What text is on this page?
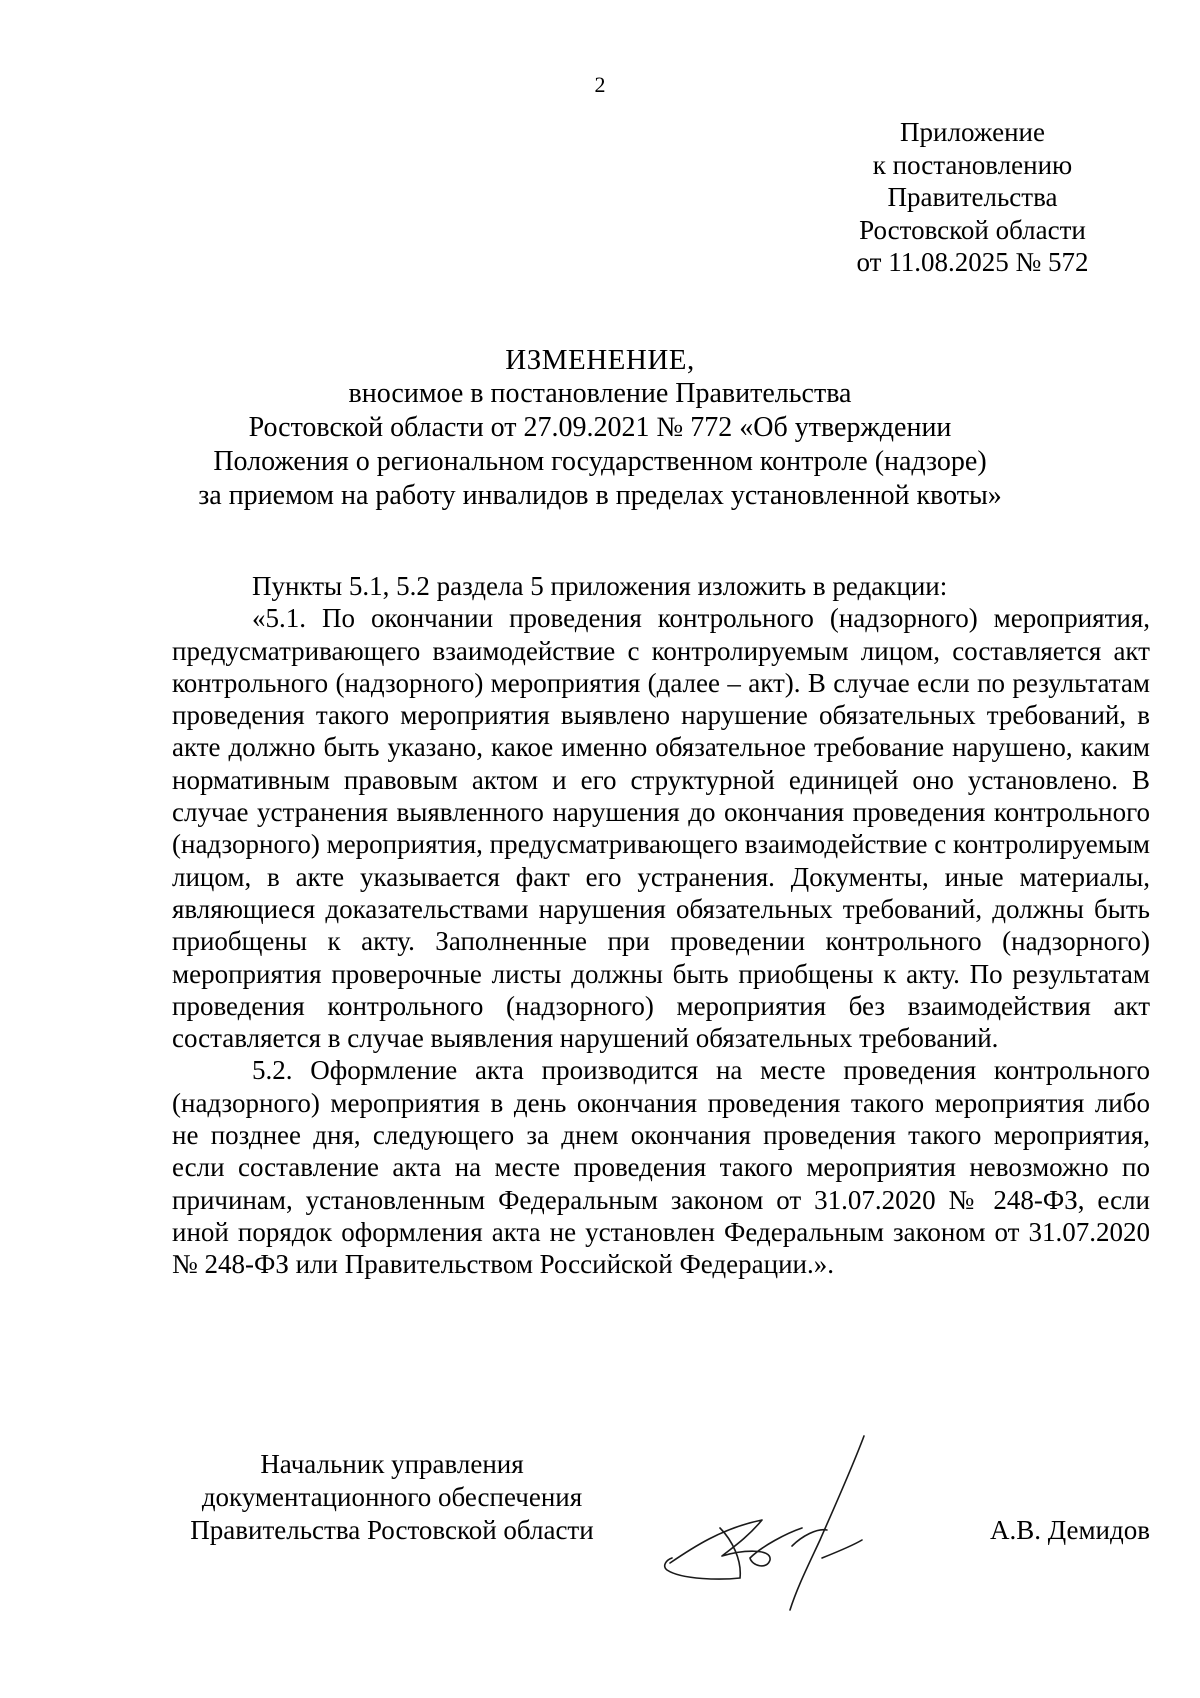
2
Приложение
к постановлению
Правительства
Ростовской области
от 11.08.2025 № 572
ИЗМЕНЕНИЕ,
вносимое в постановление Правительства
Ростовской области от 27.09.2021 № 772 «Об утверждении
Положения о региональном государственном контроле (надзоре)
за приемом на работу инвалидов в пределах установленной квоты»

Пункты 5.1, 5.2 раздела 5 приложения изложить в редакции:

«5.1. По окончании проведения контрольного (надзорного) мероприятия, предусматривающего взаимодействие с контролируемым лицом, составляется акт контрольного (надзорного) мероприятия (далее – акт). В случае если по результатам проведения такого мероприятия выявлено нарушение обязательных требований, в акте должно быть указано, какое именно обязательное требование нарушено, каким нормативным правовым актом и его структурной единицей оно установлено. В случае устранения выявленного нарушения до окончания проведения контрольного (надзорного) мероприятия, предусматривающего взаимодействие с контролируемым лицом, в акте указывается факт его устранения. Документы, иные материалы, являющиеся доказательствами нарушения обязательных требований, должны быть приобщены к акту. Заполненные при проведении контрольного (надзорного) мероприятия проверочные листы должны быть приобщены к акту. По результатам проведения контрольного (надзорного) мероприятия без взаимодействия акт составляется в случае выявления нарушений обязательных требований.

5.2. Оформление акта производится на месте проведения контрольного (надзорного) мероприятия в день окончания проведения такого мероприятия либо не позднее дня, следующего за днем окончания проведения такого мероприятия, если составление акта на месте проведения такого мероприятия невозможно по причинам, установленным Федеральным законом от 31.07.2020 № 248-ФЗ, если иной порядок оформления акта не установлен Федеральным законом от 31.07.2020 № 248-ФЗ или Правительством Российской Федерации.».

Начальник управления
документационного обеспечения
Правительства Ростовской области	А.В. Демидов
